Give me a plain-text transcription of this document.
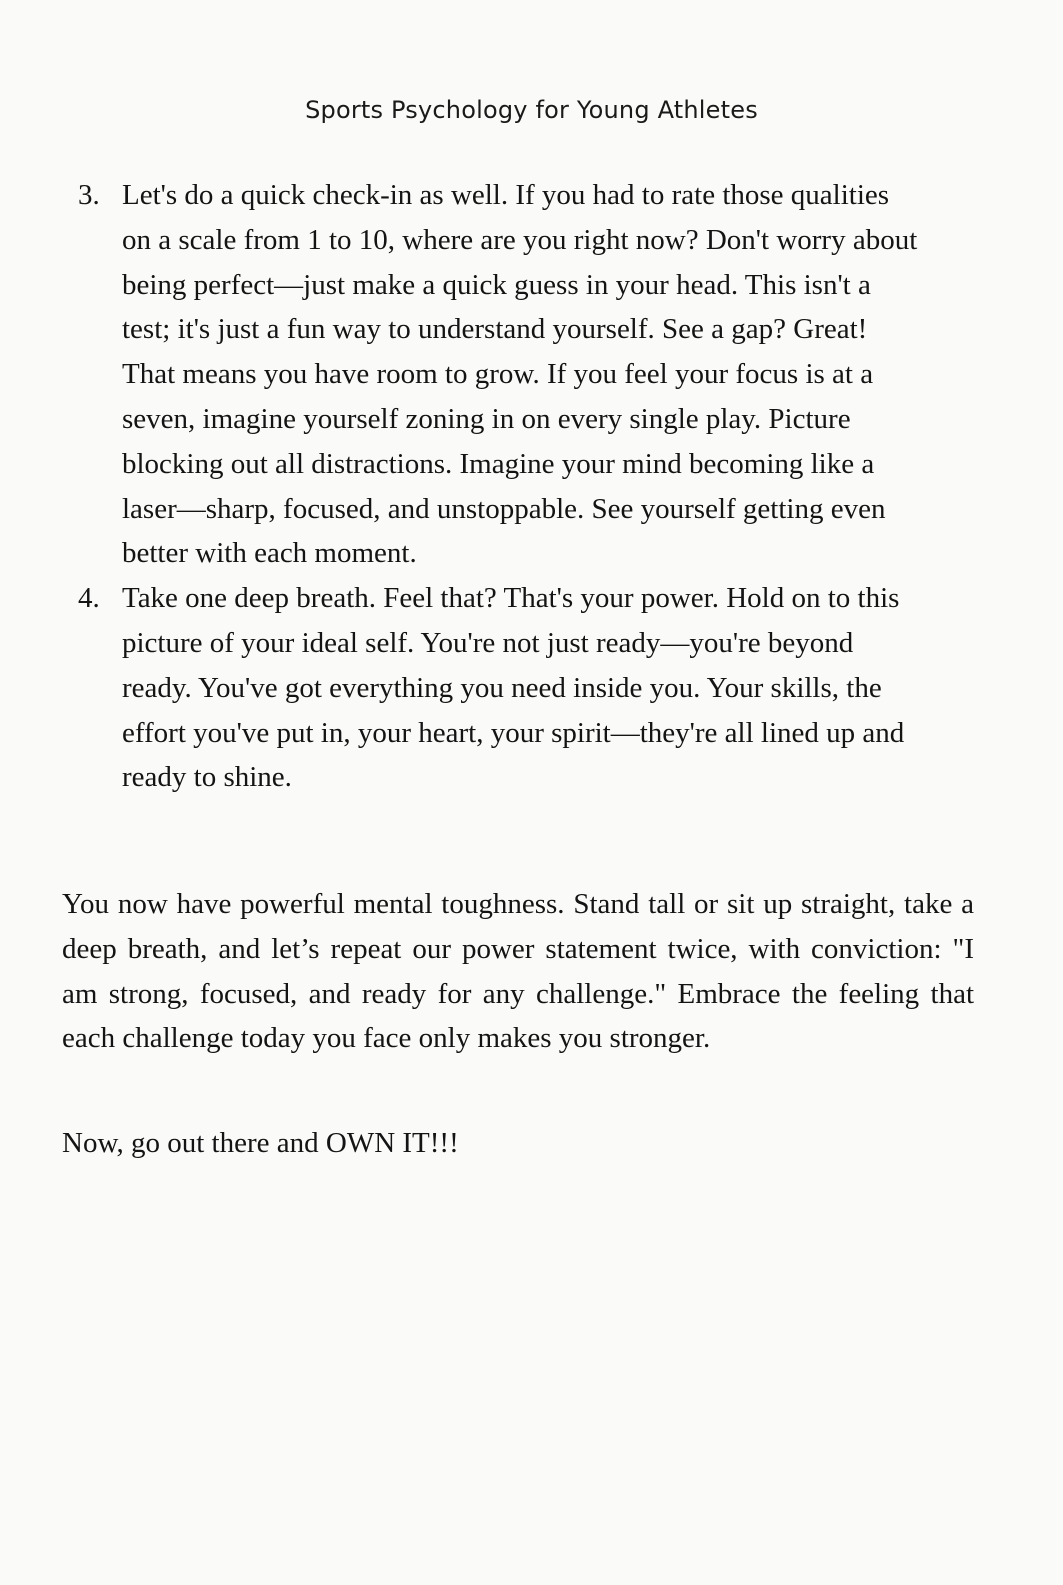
Sports Psychology for Young Athletes
3. Let's do a quick check-in as well. If you had to rate those qualities on a scale from 1 to 10, where are you right now? Don't worry about being perfect—just make a quick guess in your head. This isn't a test; it's just a fun way to understand yourself. See a gap? Great! That means you have room to grow. If you feel your focus is at a seven, imagine yourself zoning in on every single play. Picture blocking out all distractions. Imagine your mind becoming like a laser—sharp, focused, and unstoppable. See yourself getting even better with each moment.
4. Take one deep breath. Feel that? That's your power. Hold on to this picture of your ideal self. You're not just ready—you're beyond ready. You've got everything you need inside you. Your skills, the effort you've put in, your heart, your spirit—they're all lined up and ready to shine.

You now have powerful mental toughness. Stand tall or sit up straight, take a deep breath, and let’s repeat our power statement twice, with conviction: "I am strong, focused, and ready for any challenge." Embrace the feeling that each challenge today you face only makes you stronger.

Now, go out there and OWN IT!!!
